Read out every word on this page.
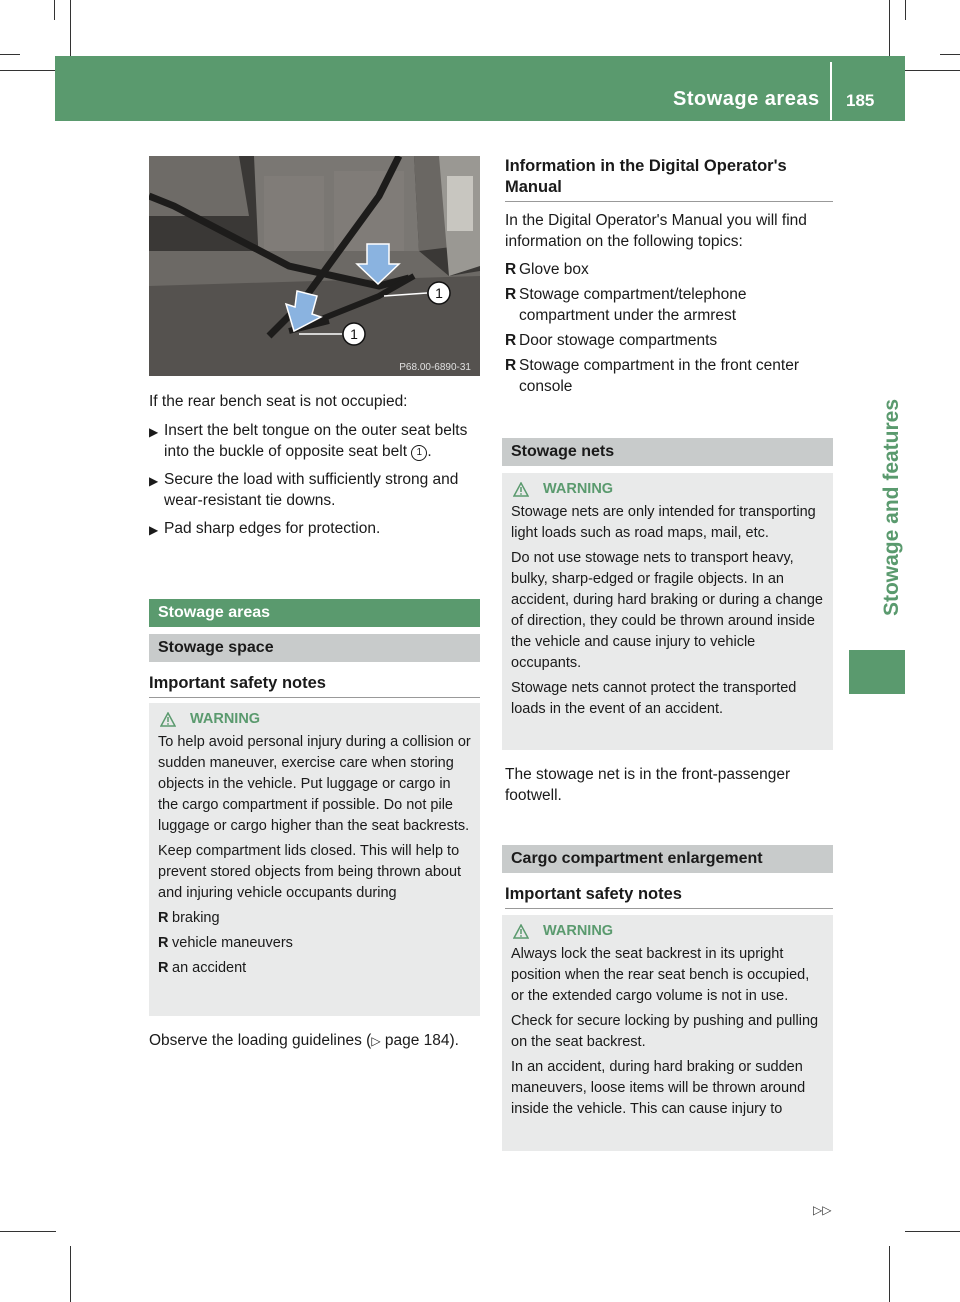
Stowage areas 185
Stowage and features
1
1
P68.00-6890-31

If the rear bench seat is not occupied:

▶ Insert the belt tongue on the outer seat belts into the buckle of opposite seat belt 1 .
▶ Secure the load with sufficiently strong and wear-resistant tie downs.
▶ Pad sharp edges for protection.
Stowage areas
Stowage space
Important safety notes
WARNING

To help avoid personal injury during a collision or sudden maneuver, exercise care when storing objects in the vehicle. Put luggage or cargo in the cargo compartment if possible. Do not pile luggage or cargo higher than the seat backrests.

Keep compartment lids closed. This will help to prevent stored objects from being thrown about and injuring vehicle occupants during

R braking
R vehicle maneuvers
R an accident

Observe the loading guidelines (▷ page 184).

Information in the Digital Operator's Manual

In the Digital Operator's Manual you will find information on the following topics:

R Glove box
R Stowage compartment/telephone compartment under the armrest
R Door stowage compartments
R Stowage compartment in the front center console
Stowage nets
WARNING

Stowage nets are only intended for transporting light loads such as road maps, mail, etc.

Do not use stowage nets to transport heavy, bulky, sharp-edged or fragile objects. In an accident, during hard braking or during a change of direction, they could be thrown around inside the vehicle and cause injury to vehicle occupants.

Stowage nets cannot protect the transported loads in the event of an accident.

The stowage net is in the front-passenger footwell.

Cargo compartment enlargement
Important safety notes
WARNING

Always lock the seat backrest in its upright position when the rear seat bench is occupied, or the extended cargo volume is not in use.

Check for secure locking by pushing and pulling on the seat backrest.

In an accident, during hard braking or sudden maneuvers, loose items will be thrown around inside the vehicle. This can cause injury to

▷▷
